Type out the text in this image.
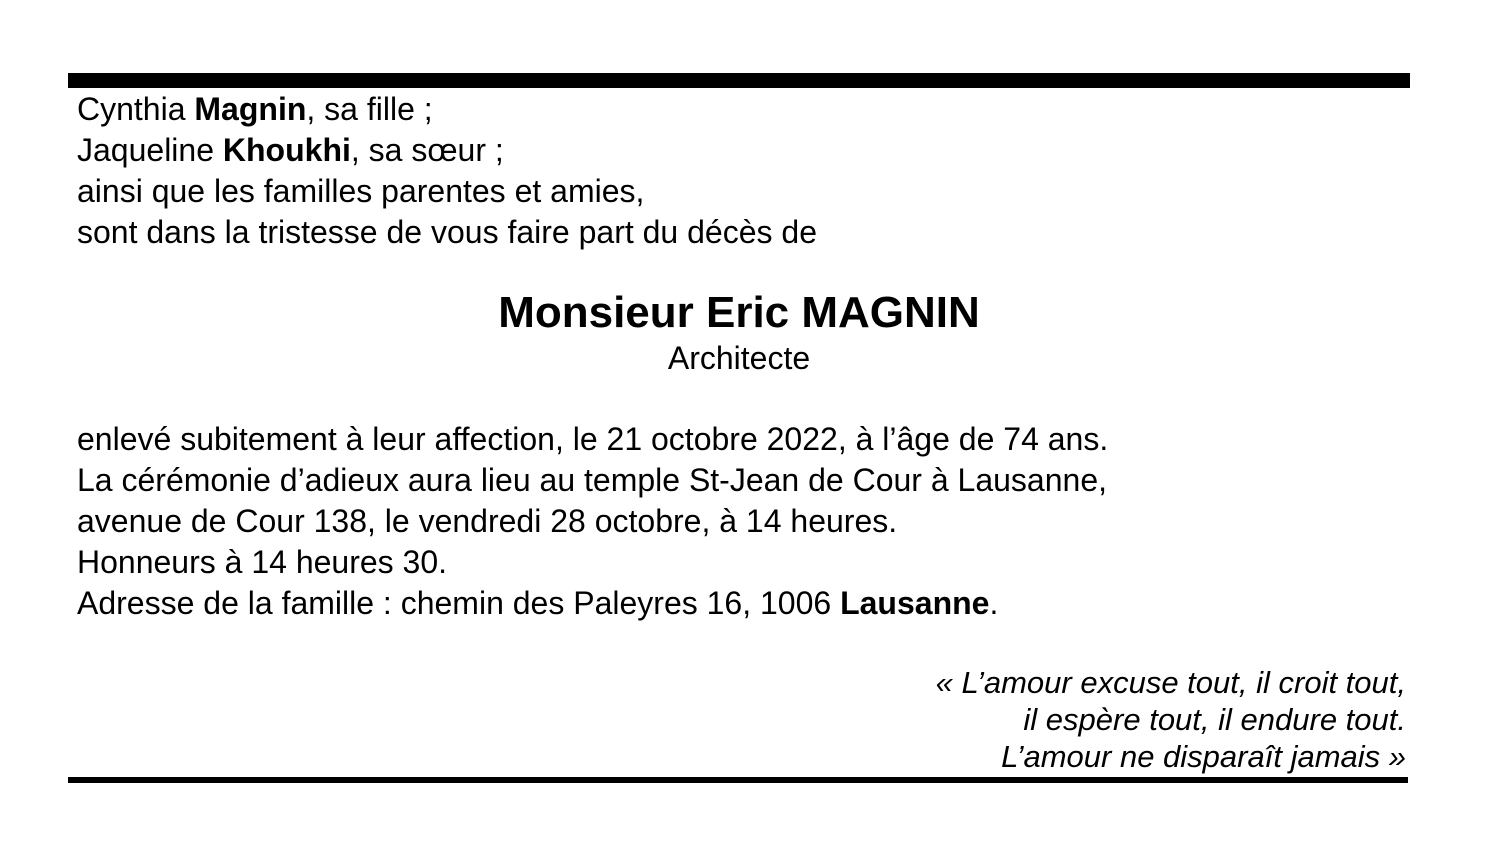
Cynthia Magnin, sa fille ;

Jaqueline Khoukhi, sa sœur ;

ainsi que les familles parentes et amies,

sont dans la tristesse de vous faire part du décès de

Monsieur Eric MAGNIN
Architecte

enlevé subitement à leur affection, le 21 octobre 2022, à l’âge de 74 ans.

La cérémonie d’adieux aura lieu au temple St-Jean de Cour à Lausanne,

avenue de Cour 138, le vendredi 28 octobre, à 14 heures.

Honneurs à 14 heures 30.

Adresse de la famille : chemin des Paleyres 16, 1006 Lausanne.

« L’amour excuse tout, il croit tout,

il espère tout, il endure tout.

L’amour ne disparaît jamais »
